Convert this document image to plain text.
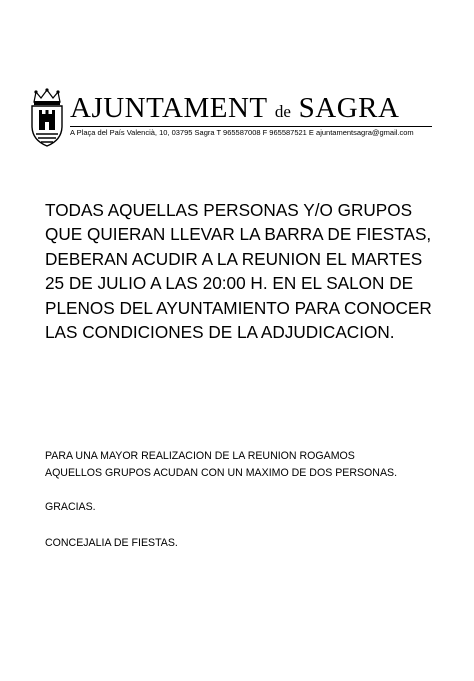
AJUNTAMENT de SAGRA
A Plaça del País Valencià, 10, 03795 Sagra T 965587008 F 965587521 E ajuntamentsagra@gmail.com
TODAS AQUELLAS PERSONAS Y/O GRUPOS
QUE QUIERAN LLEVAR LA BARRA DE FIESTAS,
DEBERAN ACUDIR A LA REUNION EL MARTES
25 DE JULIO A LAS 20:00 H. EN EL SALON DE
PLENOS DEL AYUNTAMIENTO PARA CONOCER
LAS CONDICIONES DE LA ADJUDICACION.
PARA UNA MAYOR REALIZACION DE LA REUNION ROGAMOS
AQUELLOS GRUPOS ACUDAN CON UN MAXIMO DE DOS PERSONAS.
GRACIAS.
CONCEJALIA DE FIESTAS.
